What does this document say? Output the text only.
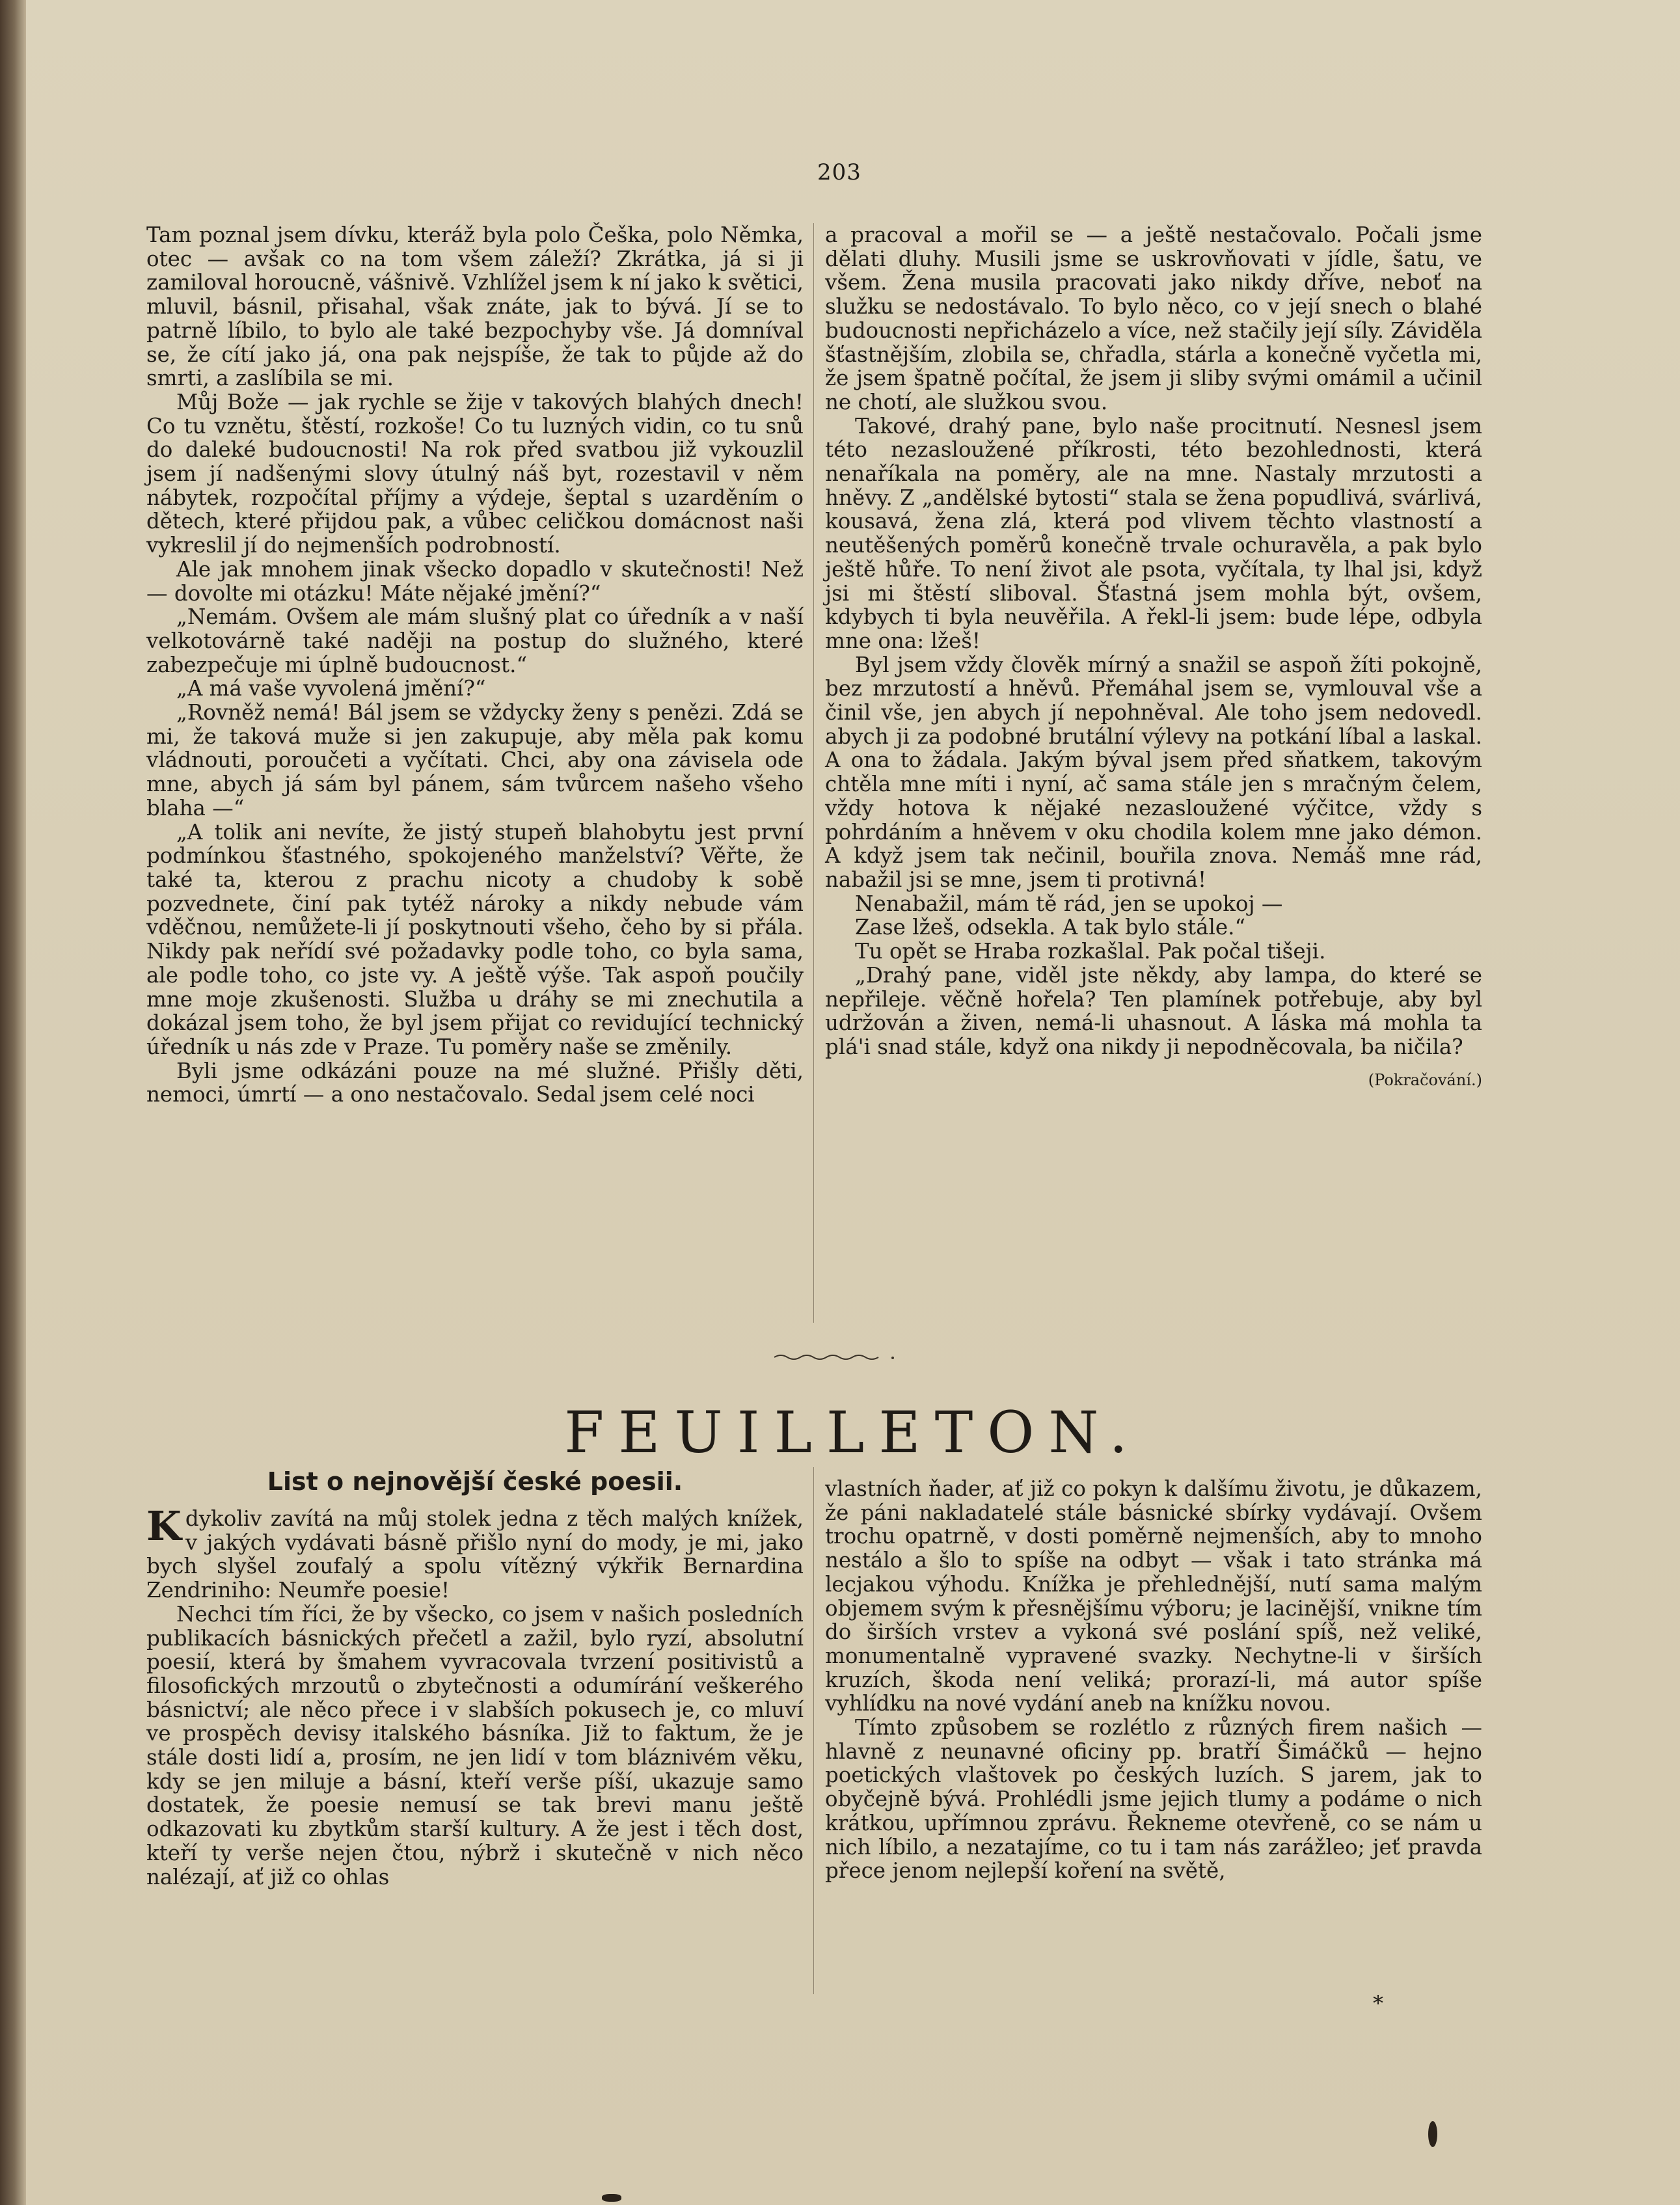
203

Tam poznal jsem dívku, kteráž byla polo Češka, polo Němka, otec — avšak co na tom všem záleží? Zkrátka, já si ji zamiloval horoucně, vášnivě. Vzhlížel jsem k ní jako k světici, mluvil, básnil, přisahal, však znáte, jak to bývá. Jí se to patrně líbilo, to bylo ale také bezpochyby vše. Já domníval se, že cítí jako já, ona pak nejspíše, že tak to půjde až do smrti, a zaslíbila se mi.

Můj Bože — jak rychle se žije v takových blahých dnech! Co tu vznětu, štěstí, rozkoše! Co tu luzných vidin, co tu snů do daleké budoucnosti! Na rok před svatbou již vykouzlil jsem jí nadšenými slovy útulný náš byt, rozestavil v něm nábytek, rozpočítal příjmy a výdeje, šeptal s uzarděním o dětech, které přijdou pak, a vůbec celičkou domácnost naši vykreslil jí do nejmenších podrobností.

Ale jak mnohem jinak všecko dopadlo v skutečnosti! Než — dovolte mi otázku! Máte nějaké jmění?“

„Nemám. Ovšem ale mám slušný plat co úředník a v naší velkotovárně také naději na postup do služného, které zabezpečuje mi úplně budoucnost.“

„A má vaše vyvolená jmění?“

„Rovněž nemá! Bál jsem se vždycky ženy s penězi. Zdá se mi, že taková muže si jen zakupuje, aby měla pak komu vládnouti, poroučeti a vyčítati. Chci, aby ona závisela ode mne, abych já sám byl pánem, sám tvůrcem našeho všeho blaha —“

„A tolik ani nevíte, že jistý stupeň blahobytu jest první podmínkou šťastného, spokojeného manželství? Věřte, že také ta, kterou z prachu nicoty a chudoby k sobě pozvednete, činí pak tytéž nároky a nikdy nebude vám vděčnou, nemůžete-li jí poskytnouti všeho, čeho by si přála. Nikdy pak neřídí své požadavky podle toho, co byla sama, ale podle toho, co jste vy. A ještě výše. Tak aspoň poučily mne moje zkušenosti. Služba u dráhy se mi znechutila a dokázal jsem toho, že byl jsem přijat co revidující technický úředník u nás zde v Praze. Tu poměry naše se změnily.

Byli jsme odkázáni pouze na mé služné. Přišly děti, nemoci, úmrtí — a ono nestačovalo. Sedal jsem celé noci

a pracoval a mořil se — a ještě nestačovalo. Počali jsme dělati dluhy. Musili jsme se uskrovňovati v jídle, šatu, ve všem. Žena musila pracovati jako nikdy dříve, neboť na služku se nedostávalo. To bylo něco, co v její snech o blahé budoucnosti nepřicházelo a více, než stačily její síly. Záviděla šťastnějším, zlobila se, chřadla, stárla a konečně vyčetla mi, že jsem špatně počítal, že jsem ji sliby svými omámil a učinil ne chotí, ale služkou svou.

Takové, drahý pane, bylo naše procitnutí. Nesnesl jsem této nezasloužené příkrosti, této bezohlednosti, která nenaříkala na poměry, ale na mne. Nastaly mrzutosti a hněvy. Z „andělské bytosti“ stala se žena popudlivá, svárlivá, kousavá, žena zlá, která pod vlivem těchto vlastností a neutěšených poměrů konečně trvale ochuravěla, a pak bylo ještě hůře. To není život ale psota, vyčítala, ty lhal jsi, když jsi mi štěstí sliboval. Šťastná jsem mohla být, ovšem, kdybych ti byla neuvěřila. A řekl-li jsem: bude lépe, odbyla mne ona: lžeš!

Byl jsem vždy člověk mírný a snažil se aspoň žíti pokojně, bez mrzutostí a hněvů. Přemáhal jsem se, vymlouval vše a činil vše, jen abych jí nepohněval. Ale toho jsem nedovedl. abych ji za podobné brutální výlevy na potkání líbal a laskal. A ona to žádala. Jakým býval jsem před sňatkem, takovým chtěla mne míti i nyní, ač sama stále jen s mračným čelem, vždy hotova k nějaké nezasloužené výčitce, vždy s pohrdáním a hněvem v oku chodila kolem mne jako démon. A když jsem tak nečinil, bouřila znova. Nemáš mne rád, nabažil jsi se mne, jsem ti protivná!

Nenabažil, mám tě rád, jen se upokoj —

Zase lžeš, odsekla. A tak bylo stále.“

Tu opět se Hraba rozkašlal. Pak počal tišeji.

„Drahý pane, viděl jste někdy, aby lampa, do které se nepřileje. věčně hořela? Ten plamínek potřebuje, aby byl udržován a živen, nemá-li uhasnout. A láska má mohla ta plá'i snad stále, když ona nikdy ji nepodněcovala, ba ničila?

(Pokračování.)

FEUILLETON.
List o nejnovější české poesii.

Kdykoliv zavítá na můj stolek jedna z těch malých knížek, v jakých vydávati básně přišlo nyní do mody, je mi, jako bych slyšel zoufalý a spolu vítězný výkřik Bernardina Zendriniho: Neumře poesie!

Nechci tím říci, že by všecko, co jsem v našich posledních publikacích básnických přečetl a zažil, bylo ryzí, absolutní poesií, která by šmahem vyvracovala tvrzení positivistů a filosofických mrzoutů o zbytečnosti a odumírání veškerého básnictví; ale něco přece i v slabších pokusech je, co mluví ve prospěch devisy italského básníka. Již to faktum, že je stále dosti lidí a, prosím, ne jen lidí v tom bláznivém věku, kdy se jen miluje a básní, kteří verše píší, ukazuje samo dostatek, že poesie nemusí se tak brevi manu ještě odkazovati ku zbytkům starší kultury. A že jest i těch dost, kteří ty verše nejen čtou, nýbrž i skutečně v nich něco nalézají, ať již co ohlas

vlastních ňader, ať již co pokyn k dalšímu životu, je důkazem, že páni nakladatelé stále básnické sbírky vydávají. Ovšem trochu opatrně, v dosti poměrně nejmenších, aby to mnoho nestálo a šlo to spíše na odbyt — však i tato stránka má lecjakou výhodu. Knížka je přehlednější, nutí sama malým objemem svým k přesnějšímu výboru; je lacinější, vnikne tím do širších vrstev a vykoná své poslání spíš, než veliké, monumentalně vypravené svazky. Nechytne-li v širších kruzích, škoda není veliká; prorazí-li, má autor spíše vyhlídku na nové vydání aneb na knížku novou.

Tímto způsobem se rozlétlo z různých firem našich — hlavně z neunavné oficiny pp. bratří Šimáčků — hejno poetických vlaštovek po českých luzích. S jarem, jak to obyčejně bývá. Prohlédli jsme jejich tlumy a podáme o nich krátkou, upřímnou zprávu. Řekneme otevřeně, co se nám u nich líbilo, a nezatajíme, co tu i tam nás zarážleo; jeť pravda přece jenom nejlepší koření na světě,

*
